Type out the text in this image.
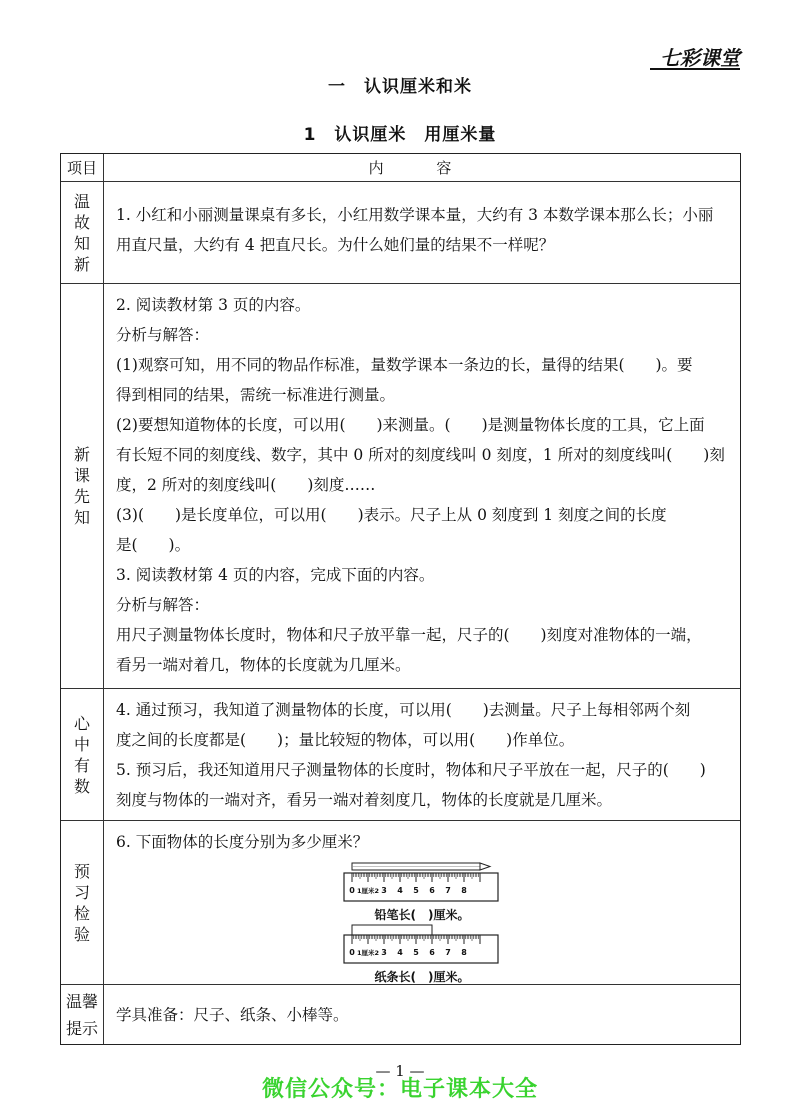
七彩课堂
一　认识厘米和米
1　认识厘米　用厘米量
项目	内 容
温
故
知
新
1. 小红和小丽测量课桌有多长，小红用数学课本量，大约有 3 本数学课本那么长；小丽
用直尺量，大约有 4 把直尺长。为什么她们量的结果不一样呢？
新
课
先
知
2. 阅读教材第 3 页的内容。
分析与解答：
(1)观察可知，用不同的物品作标准，量数学课本一条边的长，量得的结果(　　)。要
得到相同的结果，需统一标准进行测量。
(2)要想知道物体的长度，可以用(　　)来测量。(　　)是测量物体长度的工具，它上面
有长短不同的刻度线、数字，其中 0 所对的刻度线叫 0 刻度，1 所对的刻度线叫(　　)刻
度，2 所对的刻度线叫(　　)刻度……
(3)(　　)是长度单位，可以用(　　)表示。尺子上从 0 刻度到 1 刻度之间的长度
是(　　)。
3. 阅读教材第 4 页的内容，完成下面的内容。
分析与解答：
用尺子测量物体长度时，物体和尺子放平靠一起，尺子的(　　)刻度对准物体的一端，
看另一端对着几，物体的长度就为几厘米。
心
中
有
数
4. 通过预习，我知道了测量物体的长度，可以用(　　)去测量。尺子上每相邻两个刻
度之间的长度都是(　　)；量比较短的物体，可以用(　　)作单位。
5. 预习后，我还知道用尺子测量物体的长度时，物体和尺子平放在一起，尺子的(　　)
刻度与物体的一端对齐，看另一端对着刻度几，物体的长度就是几厘米。
预
习
检
验
6. 下面物体的长度分别为多少厘米？
0 1厘米2 3 4 5 6 7 8
铅笔长(　)厘米。
0 1厘米2 3 4 5 6 7 8
纸条长(　)厘米。
温馨
提示
学具准备：尺子、纸条、小棒等。
— 1 —
微信公众号：电子课本大全
